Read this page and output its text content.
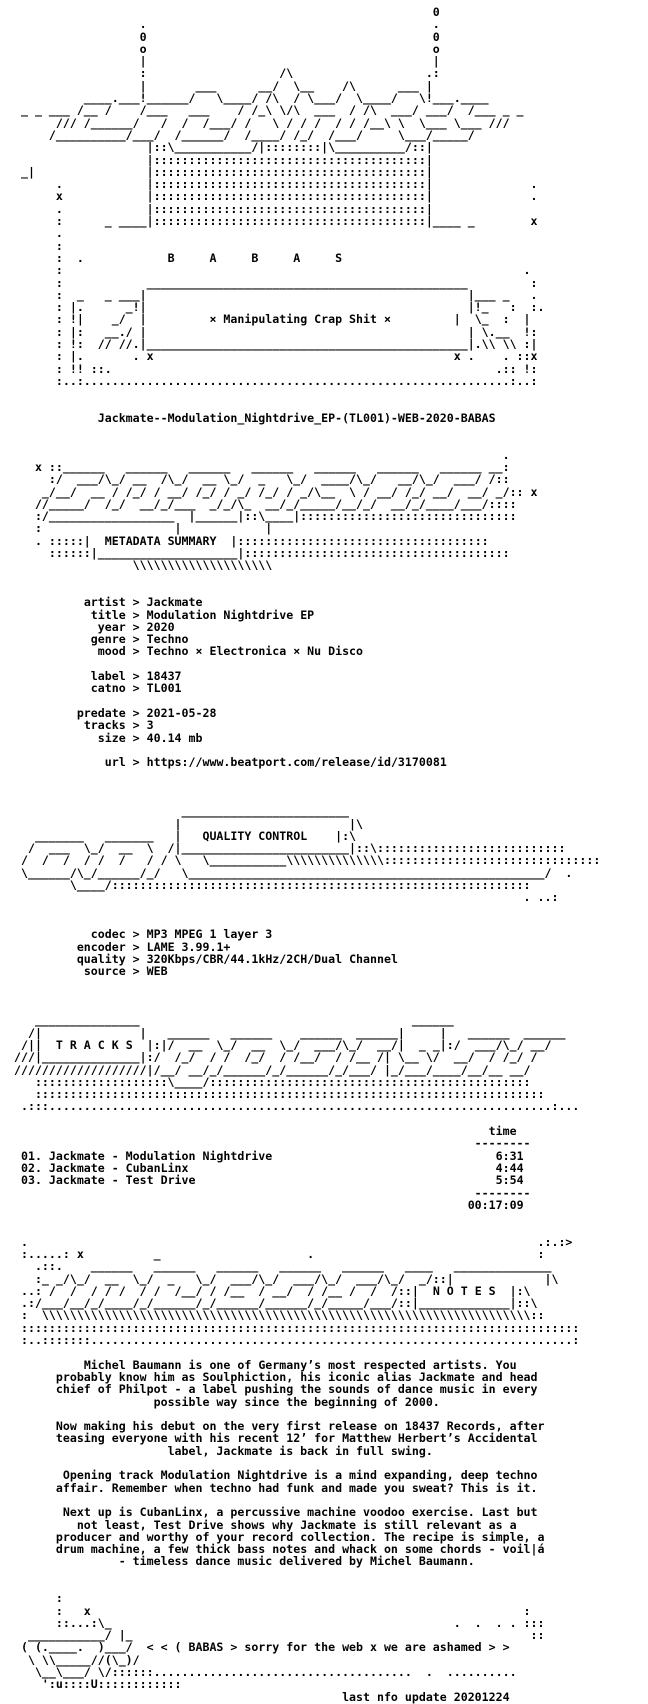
0
.                                         .
0                                         0
o                                         o
|                                         |
:                   /\                   .:
|       ___      __/  \__    /\      ___ |
____.___!______/   \____/ /\  / \___/  \____/   \!___.____
_ _ ___ /__ /    /___   ___    / /_\ \/\  ___  / /\  ___/ ___/  /___ _ _
/// /______/   /  /  /___/ /   \ / / /  / / /__\ \  \___ \___ ///
/__________/___/  /______/  /____/ /_/  /___/     \___/_____/
|::\___________/|::::::::|\__________/::|
|:::::::::::::::::::::::::::::::::::::::|
_|                |:::::::::::::::::::::::::::::::::::::::|
.            |:::::::::::::::::::::::::::::::::::::::|              .
x            |:::::::::::::::::::::::::::::::::::::::|              .
.            |:::::::::::::::::::::::::::::::::::::::|
:      _ ____|:::::::::::::::::::::::::::::::::::::::|____ _        x
.
:
:  .            B     A     B     A     S
:                                                                  .
:            ______________________________________________         :
:  _   _ ___|                                              |___ _   .
: |.      _!|                                              |!_   :  :.
: !|    _/  |         × Manipulating Crap Shit ×         |  \_  :  |
: |:   __./ |                                              | \.__  !:
: !:  // //.|______________________________________________|.\\ \\ :|
: |.       . x                                           x .    . ::x
: !! ::.                                                       .:: !:
:..:.............................................................:..:

Jackmate--Modulation_Nightdrive_EP-(TL001)-WEB-2020-BABAS

.
x ::______   ______   ______   ______   ______   ______   ______ __:
:/  ___/\_/ __  /\_/  __ \_/  _   \_/  ____/\_/   __/\_/  ___/ /::
_/__/  __ / /_/ / __/ /_/ / _/ /_/ / _/\__  \ / __/ /_/ __/  __/ _/:: x
//_____/  /_/  __/_/___  _/_/\_  __/_/_____/__/_/  __/_/____/___/::::
:/__________________  |______|::\____|:::::::::::::::::::::::::::::::
:                   |            |
. :::::|  METADATA SUMMARY  |::::::::::::::::::::::::::::::::::::
::::::|____________________|::::::::::::::::::::::::::::::::::::::
\\\\\\\\\\\\\\\\\\\\

artist > Jackmate
title > Modulation Nightdrive EP
year > 2020
genre > Techno
mood > Techno × Electronica × Nu Disco

label > 18437
catno > TL001

predate > 2021-05-28
tracks > 3
size > 40.14 mb

url > https://www.beatport.com/release/id/3170081

________________________
|                        |\
_______   _______   |   QUALITY CONTROL    |:\
/  ___  \_/  __  \  /|________________________|::\:::::::::::::::::::::::::::
/  /  /  / /  /   / / \   \___________\\\\\\\\\\\\\\:::::::::::::::::::::::::::::::
\______/\_/______/_/   \___________________________________________________/  .
\____/::::::::::::::::::::::::::::::::::::::::::::::::::::::::::::
. ..:

codec > MP3 MPEG 1 layer 3
encoder > LAME 3.99.1+
quality > 320Kbps/CBR/44.1kHz/2CH/Dual Channel
source > WEB

_______________                                       ______
/|              |   ______   ______    ______  ______|     |   ______  ______
/||  T R A C K S  |:|/  __  \_/  __  \_/  ___/\_/  __/|  _ _|:/  ___/\_/ __/
///|______________|:/  /_/  / /  /_/  / /__/  / /__ /| \__ \/  __/  / /_/ /
///////////////////|/__/ __/_/______/_/______/_/___/ |_/___/____/__/__ __/
:::::::::::::::::::\____/::::::::::::::::::::::::::::::::::::::::::::::
:::::::::::::::::::::::::::::::::::::::::::::::::::::::::::::::::::::::::
.:::........................................................................:...

time
--------
01. Jackmate - Modulation Nightdrive	6:31
02. Jackmate - CubanLinx	4:44
03. Jackmate - Test Drive	5:54
--------
00:17:09

.                                                                         .:.:>
:.....: x          _                     .                                :
.::.    ______   ______   ______   ______   ______   ____   ______________
:_ _/\_/  __  \_/  _   \_/  ___/\_/  ___/\_/  ___/\_/  _/::|             |\
..: /  /  / / /  / /  /__/ / /__  / __/  / /__ /  /  /::|  N O T E S  |:\
.:/___/__/_/____/_/______/_/______/______/_/_____/___/::|_____________|::\
:  \\\\\\\\\\\\\\\\\\\\\\\\\\\\\\\\\\\\\\\\\\\\\\\\\\\\\\\\\\\\\\\\\\\\\\::
::::::::::::::::::::::::::::::::::::::::::::::::::::::::::::::::::::::::::::::::
:..:::::::.....................................................................:

Michel Baumann is one of Germany’s most respected artists. You
probably know him as Soulphiction, his iconic alias Jackmate and head
chief of Philpot - a label pushing the sounds of dance music in every
possible way since the beginning of 2000.

Now making his debut on the very first release on 18437 Records, after
teasing everyone with his recent 12’ for Matthew Herbert’s Accidental
label, Jackmate is back in full swing.

Opening track Modulation Nightdrive is a mind expanding, deep techno
affair. Remember when techno had funk and made you sweat? This is it.

Next up is CubanLinx, a percussive machine voodoo exercise. Last but
not least, Test Drive shows why Jackmate is still relevant as a
producer and worthy of your record collection. The recipe is simple, a
drum machine, a few thick bass notes and whack on some chords - voil|á
- timeless dance music delivered by Michel Baumann.

:
:   x                                                              :
::...:\_                                                 .  .  . . :::
___________/ |_                                                         ::
( (.____.  )___/  < < ( BABAS > sorry for the web x we are ashamed > >
\ \\_____//(\_)/
\__\___/ \/::::::.....................................  .  ..........
':u::::U::::::::::::
last nfo update 20201224
